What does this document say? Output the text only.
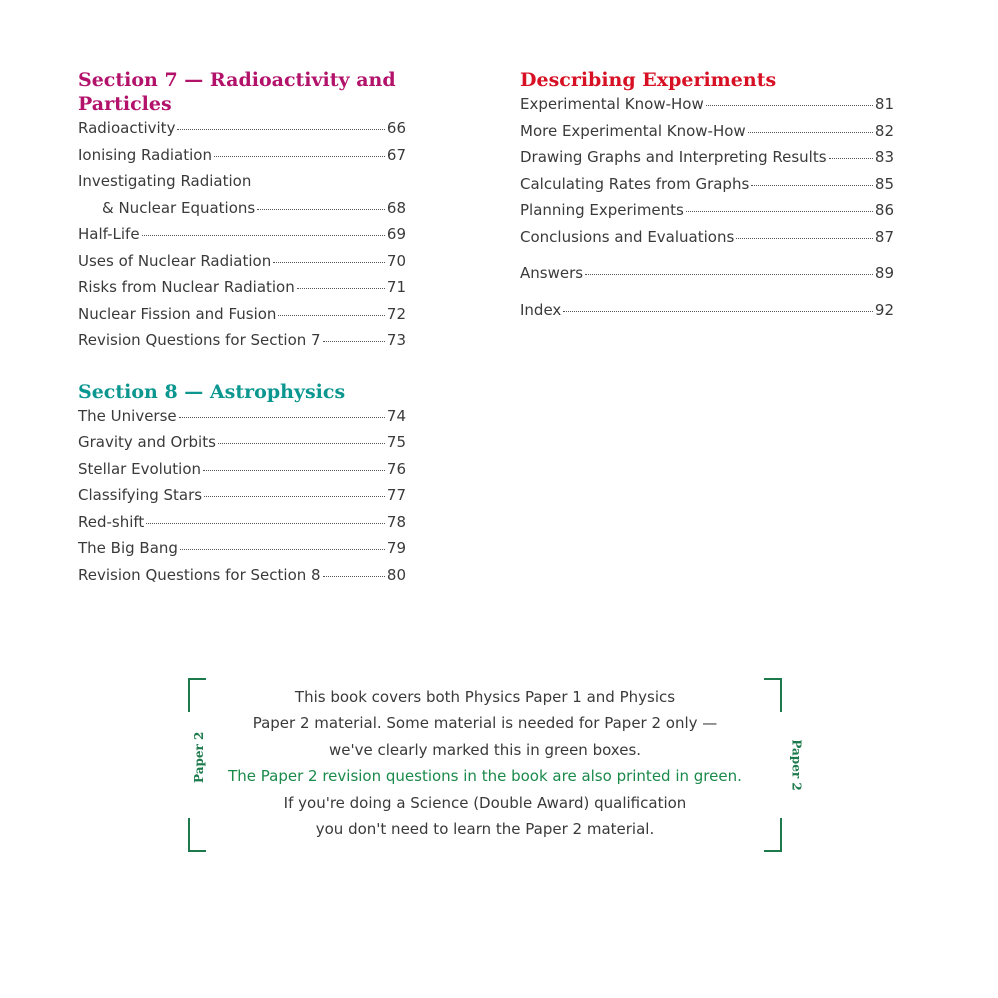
Section 7 — Radioactivity and
Particles
Radioactivity	66
Ionising Radiation	67
Investigating Radiation
& Nuclear Equations	68
Half-Life	69
Uses of Nuclear Radiation	70
Risks from Nuclear Radiation	71
Nuclear Fission and Fusion	72
Revision Questions for Section 7	73
Section 8 — Astrophysics
The Universe	74
Gravity and Orbits	75
Stellar Evolution	76
Classifying Stars	77
Red-shift	78
The Big Bang	79
Revision Questions for Section 8	80
Describing Experiments
Experimental Know-How	81
More Experimental Know-How	82
Drawing Graphs and Interpreting Results	83
Calculating Rates from Graphs	85
Planning Experiments	86
Conclusions and Evaluations	87
Answers	89
Index	92
Paper 2	Paper 2
This book covers both Physics Paper 1 and Physics
Paper 2 material. Some material is needed for Paper 2 only —
we've clearly marked this in green boxes.
The Paper 2 revision questions in the book are also printed in green.
If you're doing a Science (Double Award) qualification
you don't need to learn the Paper 2 material.
